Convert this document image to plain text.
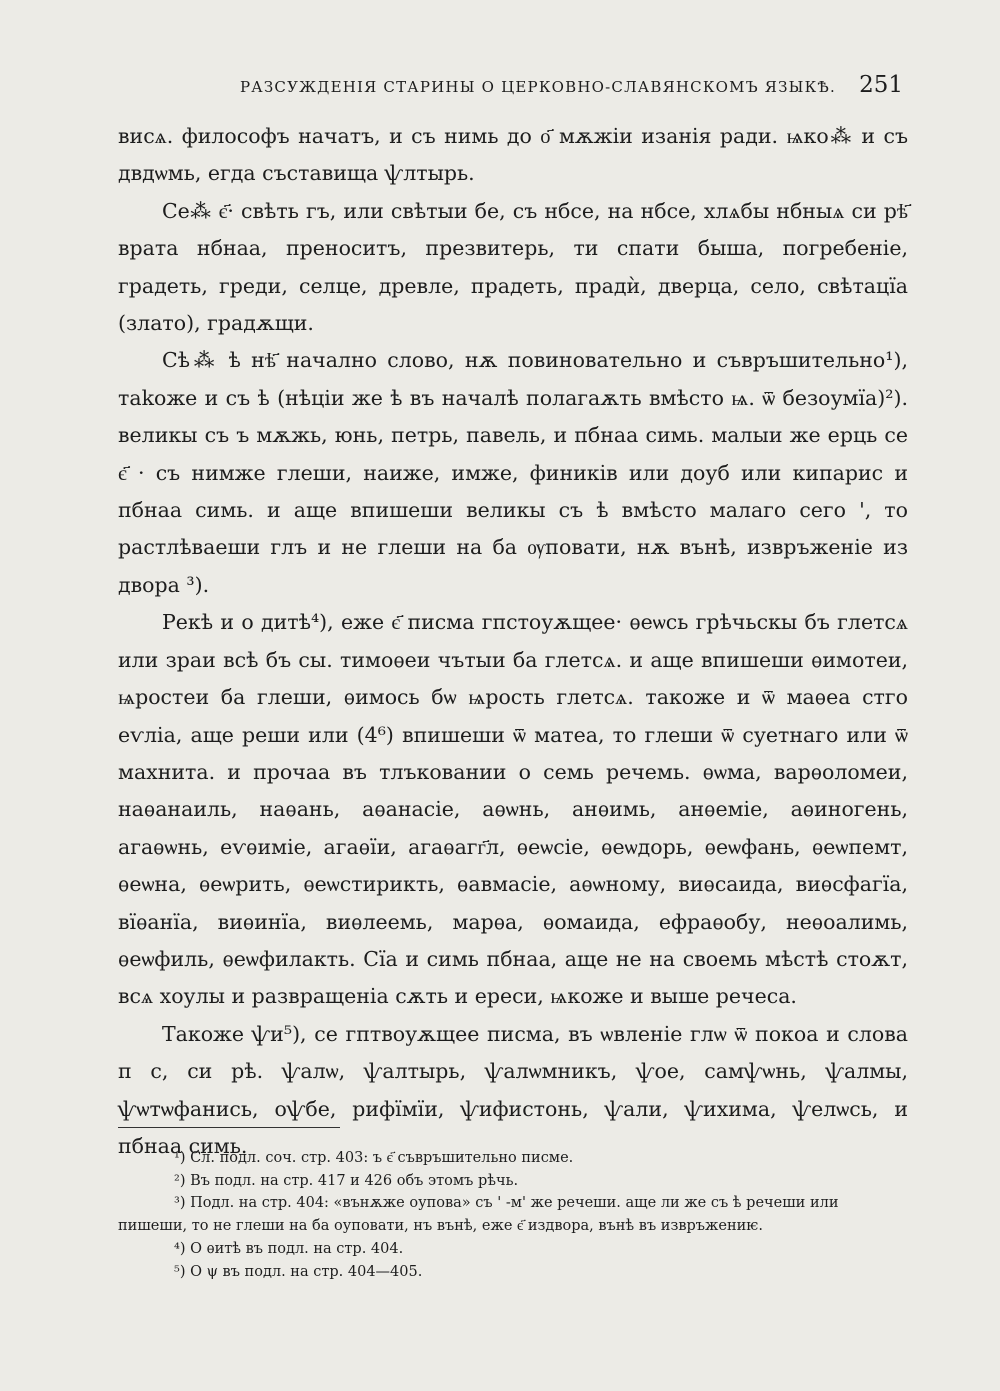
РАЗСУЖДЕНІЯ СТАРИНЫ О ЦЕРКОВНО-СЛАВЯНСКОМЪ ЯЗЫКѢ. 251

висѧ. философъ начатъ, и съ нимь до о҃ мѫжіи изанія ради. ѩко⁂ и съ двдѡмь, егда съставища ѱлтырь.

Се⁂ є҃· свѣть гъ, или свѣтыи бе, съ нбсе, на нбсе, хлѧбы нбныѧ си рѣ҃ врата нбнаа, преноситъ, презвитерь, ти спати быша, погребеніе, градеть, греди, селце, древле, прадеть, прадѝ, дверца, село, свѣтацїа (злато), градѫщи.

Сѣ⁂ ѣ нѣ҃ начално слово, нѫ повиновательно и съвръшительно¹), таkоже и съ ѣ (нѣціи же ѣ въ началѣ полагаѫть вмѣсто ѩ. ѿ безоумїа)²). великы съ ъ мѫжь, юнь, петрь, павель, и пбнаа симь. малыи же ерць се є҃ · съ нимже глеши, наиже, имже, фиників или доуб или кипарис и пбнаа симь. и аще впишеши великы съ ѣ вмѣсто малаго сего ', то растлѣваеши глъ и не глеши на ба ѹповати, нѫ вънѣ, извръженіе из двора ³).

Рекѣ и о дитѣ⁴), еже є҃ писма гпстоуѫщее· ѳеѡсь грѣчьскы бъ глетсѧ или зраи всѣ бъ сы. тимоѳеи чътыи ба глетсѧ. и аще впишеши ѳимотеи, ѩростеи ба глеши, ѳимось бѡ ѩрость глетсѧ. такоже и ѿ маѳеа стго еѵліа, аще реши или (4⁶) впишеши ѿ матеа, то глеши ѿ суетнаго или ѿ махнита. и прочаа въ тлъковании о семь речемь. ѳѡма, варѳоломеи, наѳанаиль, наѳань, аѳанасіе, аѳѡнь, анѳимь, анѳеміе, аѳиногень, агаѳѡнь, еѵѳиміе, агаѳїи, агаѳагг҃л, ѳеѡсіе, ѳеѡдорь, ѳеѡфань, ѳеѡпемт, ѳеѡна, ѳеѡрить, ѳеѡстирикть, ѳавмасіе, аѳѡному, виѳсаида, виѳсфагїа, вїѳанїа, виѳинїа, виѳлеемь, марѳа, ѳомаида, ефраѳобу, неѳоалимь, ѳеѡфиль, ѳеѡфилакть. Сїа и симь пбнаа, аще не на своемь мѣстѣ стоѫт, всѧ хоулы и развращеніа сѫть и ереси, ѩкоже и выше речеса.

Такоже ѱи⁵), се гптвоуѫщее писма, въ ѡвленіе глѡ ѿ покоа и слова п с, си рѣ. ѱалѡ, ѱалтырь, ѱалѡмникъ, ѱое, самѱѡнь, ѱалмы, ѱѡтѡфанись, оѱбе, рифїмїи, ѱифистонь, ѱали, ѱихима, ѱелѡсь, и пбнаа симь.

¹) Сл. подл. соч. стр. 403: ъ є҃ съвръшительно писме.

²) Въ подл. на стр. 417 и 426 объ этомъ рѣчь.

³) Подл. на стр. 404: «вънѫже оупова» съ ' -м' же речеши. аще ли же съ ѣ речеши или пишеши, то не глеши на ба оуповати, нъ вънѣ, еже є҃ издвора, вънѣ въ извръжениѥ.

⁴) О ѳитѣ въ подл. на стр. 404.

⁵) О ψ въ подл. на стр. 404—405.
